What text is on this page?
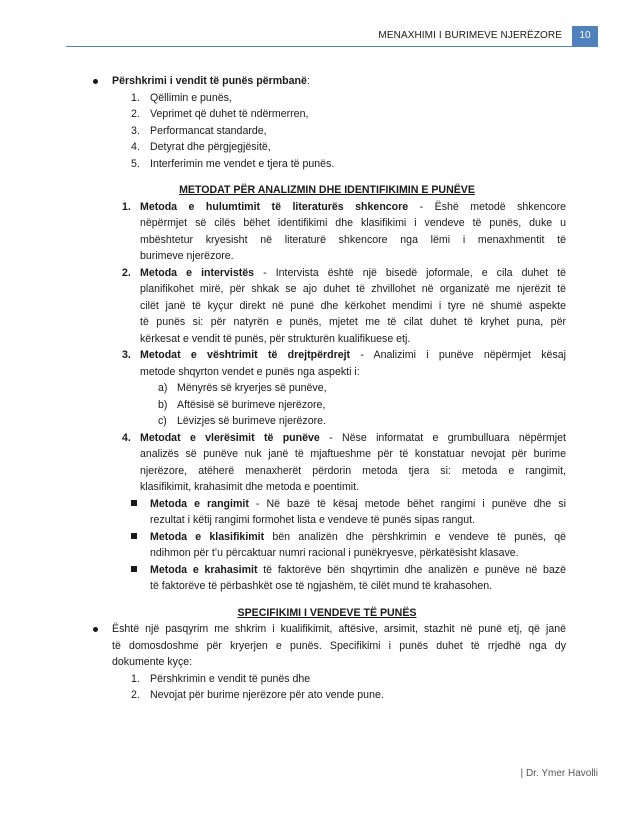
MENAXHIMI I BURIMEVE NJERËZORE	10
Përshkrimi i vendit të punës përmbanë:
1. Qëllimin e punës,
2. Veprimet që duhet të ndërmerren,
3. Performancat standarde,
4. Detyrat dhe përgjegjësitë,
5. Interferimin me vendet e tjera të punës.
METODAT PËR ANALIZMIN DHE IDENTIFIKIMIN E PUNËVE
1. Metoda e hulumtimit të literaturës shkencore - Ëshë metodë shkencore
nëpërmjet së cilës bëhet identifikimi dhe klasifikimi i vendeve të punës, duke u
mbështetur kryesisht në literaturë shkencore nga lëmi i menaxhmentit të
burimeve njerëzore.
2. Metoda e intervistës - Intervista është një bisedë joformale, e cila duhet të
planifikohet mirë, për shkak se ajo duhet të zhvillohet në organizatë me njerëzit të
cilët janë të kyçur direkt në punë dhe kërkohet mendimi i tyre në shumë aspekte
të punës si: për natyrën e punës, mjetet me të cilat duhet të kryhet puna, për
kërkesat e vendit të punës, për strukturën kualifikuese etj.
3. Metodat e vështrimit të drejtpërdrejt - Analizimi i punëve nëpërmjet kësaj
metode shqyrton vendet e punës nga aspekti i:
a) Mënyrës së kryerjes së punëve,
b) Aftësisë së burimeve njerëzore,
c) Lëvizjes së burimeve njerëzore.
4. Metodat e vlerësimit të punëve - Nëse informatat e grumbulluara nëpërmjet
analizës së punëve nuk janë të mjaftueshme për të konstatuar nevojat për burime
njerëzore, atëherë menaxherët përdorin metoda tjera si: metoda e rangimit,
klasifikimit, krahasimit dhe metoda e poentimit.
Metoda e rangimit - Në bazë të kësaj metode bëhet rangimi i punëve dhe si
rezultat i këtij rangimi formohet lista e vendeve të punës sipas rangut.
Metoda e klasifikimit bën analizën dhe përshkrimin e vendeve të punës, që
ndihmon për t’u përcaktuar numri racional i punëkryesve, përkatësisht klasave.
Metoda e krahasimit të faktorëve bën shqyrtimin dhe analizën e punëve në bazë
të faktorëve të përbashkët ose të ngjashëm, të cilët mund të krahasohen.
SPECIFIKIMI I VENDEVE TË PUNËS
Është një pasqyrim me shkrim i kualifikimit, aftësive, arsimit, stazhit në punë etj, që janë
të domosdoshme për kryerjen e punës. Specifikimi i punës duhet të rrjedhë nga dy
dokumente kyçe:
1. Përshkrimin e vendit të punës dhe
2. Nevojat për burime njerëzore për ato vende pune.
| Dr. Ymer Havolli
